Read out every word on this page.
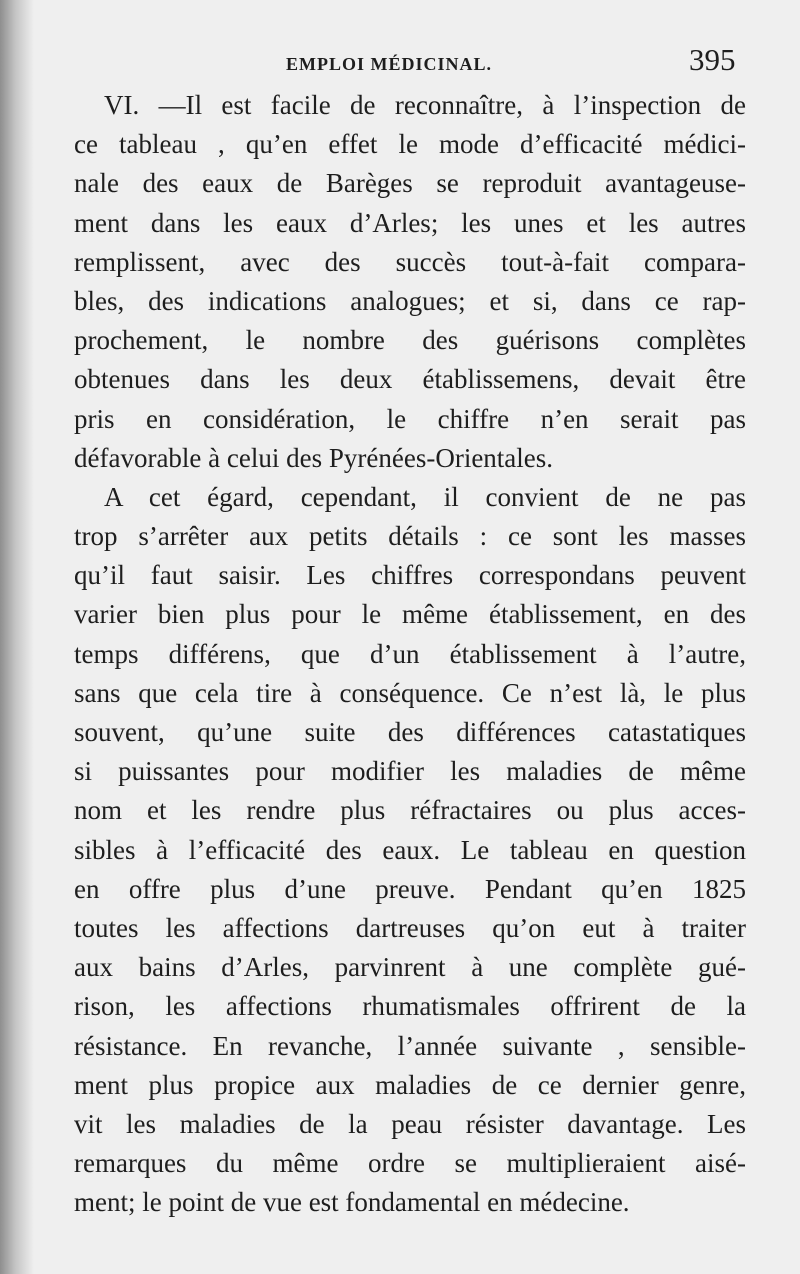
EMPLOI MÉDICINAL.	395
VI. —Il est facile de reconnaître, à l’inspection de
ce tableau , qu’en effet le mode d’efficacité médici-
nale des eaux de Barèges se reproduit avantageuse-
ment dans les eaux d’Arles; les unes et les autres
remplissent, avec des succès tout-à-fait compara-
bles, des indications analogues; et si, dans ce rap-
prochement, le nombre des guérisons complètes
obtenues dans les deux établissemens, devait être
pris en considération, le chiffre n’en serait pas
défavorable à celui des Pyrénées-Orientales.
A cet égard, cependant, il convient de ne pas
trop s’arrêter aux petits détails : ce sont les masses
qu’il faut saisir. Les chiffres correspondans peuvent
varier bien plus pour le même établissement, en des
temps différens, que d’un établissement à l’autre,
sans que cela tire à conséquence. Ce n’est là, le plus
souvent, qu’une suite des différences catastatiques
si puissantes pour modifier les maladies de même
nom et les rendre plus réfractaires ou plus acces-
sibles à l’efficacité des eaux. Le tableau en question
en offre plus d’une preuve. Pendant qu’en 1825
toutes les affections dartreuses qu’on eut à traiter
aux bains d’Arles, parvinrent à une complète gué-
rison, les affections rhumatismales offrirent de la
résistance. En revanche, l’année suivante , sensible-
ment plus propice aux maladies de ce dernier genre,
vit les maladies de la peau résister davantage. Les
remarques du même ordre se multiplieraient aisé-
ment; le point de vue est fondamental en médecine.
